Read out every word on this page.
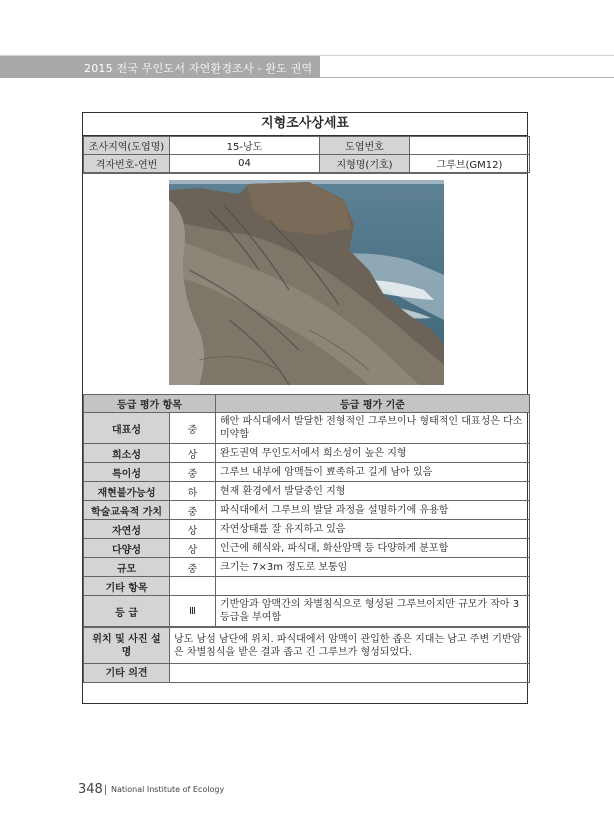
2015 전국 무인도서 자연환경조사 - 완도 권역
지형조사상세표
조사지역(도엽명)	15-낭도	도엽번호	
격자번호-연번	04	지형명(기호)	그루브(GM12)
등급 평가 항목		등급 평가 기준
대표성	중	해안 파식대에서 발달한 전형적인 그루브이나 형태적인 대표성은 다소 미약함
희소성	상	완도권역 무인도서에서 희소성이 높은 지형
특이성	중	그루브 내부에 암맥들이 뾰족하고 길게 남아 있음
재현불가능성	하	현재 환경에서 발달중인 지형
학술교육적 가치	중	파식대에서 그루브의 발달 과정을 설명하기에 유용함
자연성	상	자연상태를 잘 유지하고 있음
다양성	상	인근에 해식와, 파식대, 화산암맥 등 다양하게 분포함
규모	중	크기는 7×3m 정도로 보통임
기타 항목		
등 급	Ⅲ	기반암과 암맥간의 차별침식으로 형성된 그루브이지만 규모가 작아 3등급을 부여함
위치 및 사진 설명	낭도 남섬 남단에 위치. 파식대에서 암맥이 관입한 좁은 지대는 남고 주변 기반암은 차별침식을 받은 결과 좁고 긴 그루브가 형성되었다.
기타 의견	
348 National Institute of Ecology
